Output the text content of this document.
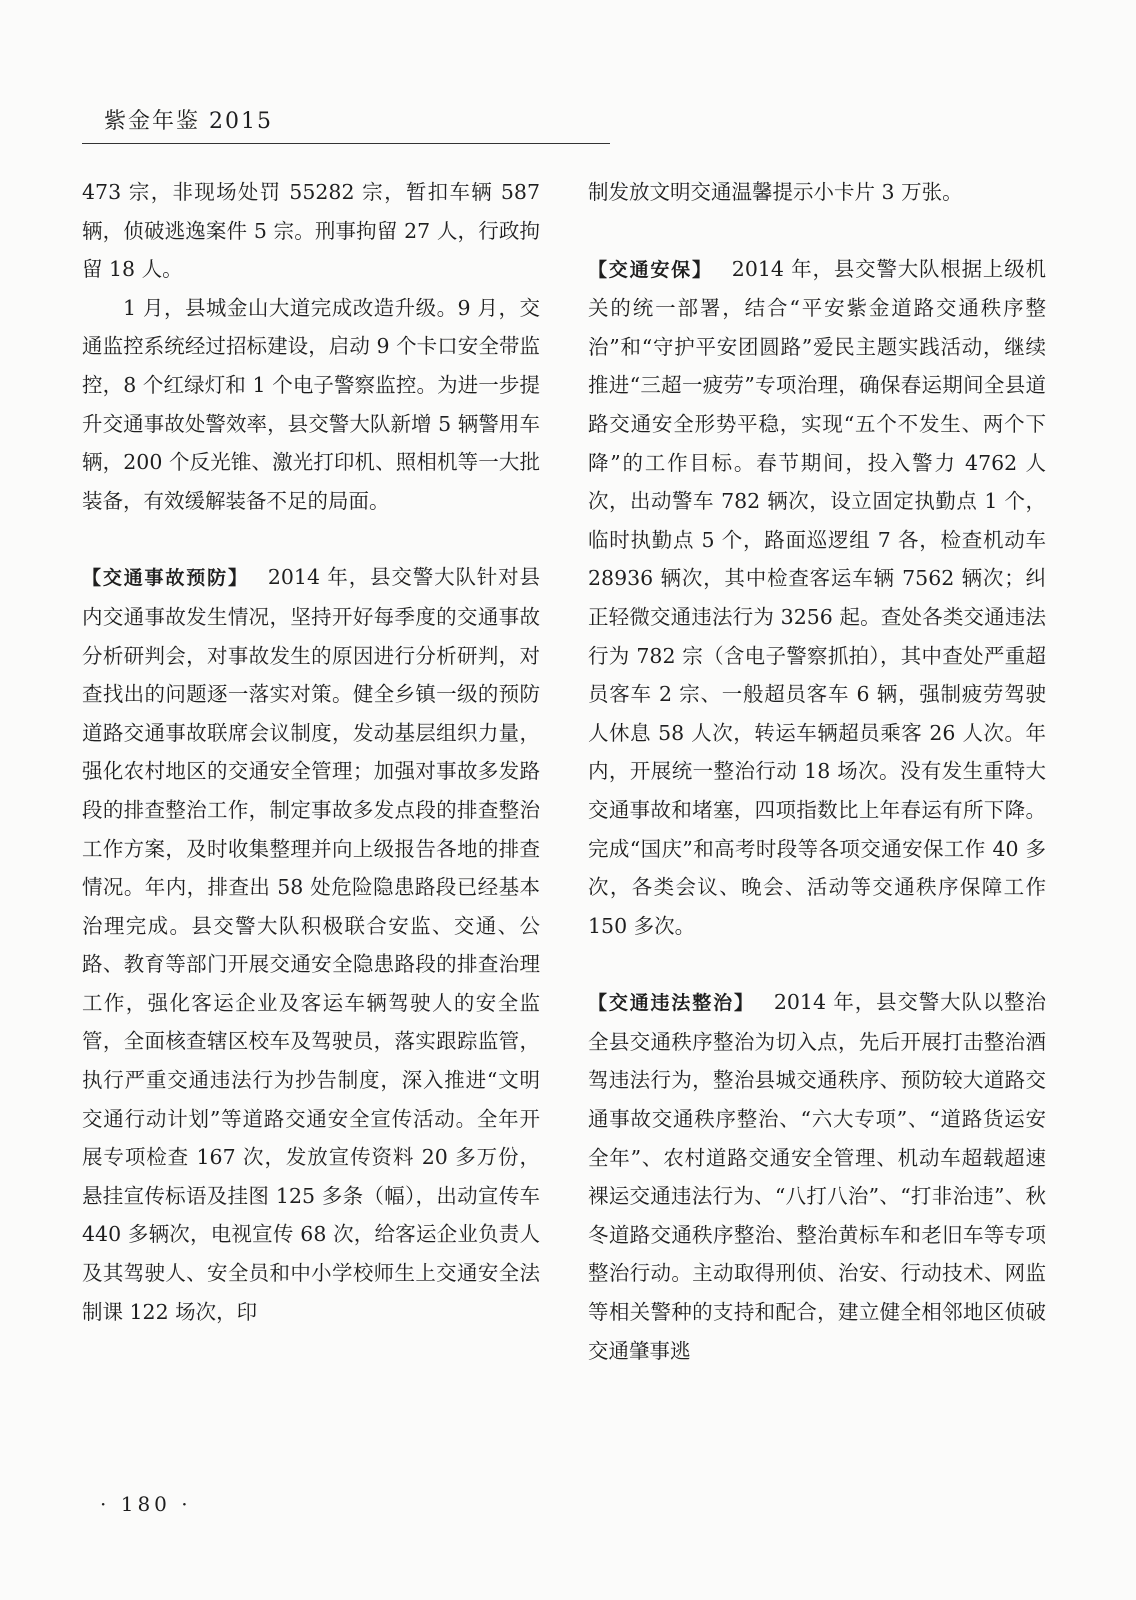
紫金年鉴 2015

473 宗，非现场处罚 55282 宗，暂扣车辆 587 辆，侦破逃逸案件 5 宗。刑事拘留 27 人，行政拘留 18 人。

1 月，县城金山大道完成改造升级。9 月，交通监控系统经过招标建设，启动 9 个卡口安全带监控，8 个红绿灯和 1 个电子警察监控。为进一步提升交通事故处警效率，县交警大队新增 5 辆警用车辆，200 个反光锥、激光打印机、照相机等一大批装备，有效缓解装备不足的局面。

【交通事故预防】 2014 年，县交警大队针对县内交通事故发生情况，坚持开好每季度的交通事故分析研判会，对事故发生的原因进行分析研判，对查找出的问题逐一落实对策。健全乡镇一级的预防道路交通事故联席会议制度，发动基层组织力量，强化农村地区的交通安全管理；加强对事故多发路段的排查整治工作，制定事故多发点段的排查整治工作方案，及时收集整理并向上级报告各地的排查情况。年内，排查出 58 处危险隐患路段已经基本治理完成。县交警大队积极联合安监、交通、公路、教育等部门开展交通安全隐患路段的排查治理工作，强化客运企业及客运车辆驾驶人的安全监管，全面核查辖区校车及驾驶员，落实跟踪监管，执行严重交通违法行为抄告制度，深入推进“文明交通行动计划”等道路交通安全宣传活动。全年开展专项检查 167 次，发放宣传资料 20 多万份，悬挂宣传标语及挂图 125 多条（幅），出动宣传车 440 多辆次，电视宣传 68 次，给客运企业负责人及其驾驶人、安全员和中小学校师生上交通安全法制课 122 场次，印

制发放文明交通温馨提示小卡片 3 万张。

【交通安保】 2014 年，县交警大队根据上级机关的统一部署，结合“平安紫金道路交通秩序整治”和“守护平安团圆路”爱民主题实践活动，继续推进“三超一疲劳”专项治理，确保春运期间全县道路交通安全形势平稳，实现“五个不发生、两个下降”的工作目标。春节期间，投入警力 4762 人次，出动警车 782 辆次，设立固定执勤点 1 个，临时执勤点 5 个，路面巡逻组 7 各，检查机动车 28936 辆次，其中检查客运车辆 7562 辆次；纠正轻微交通违法行为 3256 起。查处各类交通违法行为 782 宗（含电子警察抓拍），其中查处严重超员客车 2 宗、一般超员客车 6 辆，强制疲劳驾驶人休息 58 人次，转运车辆超员乘客 26 人次。年内，开展统一整治行动 18 场次。没有发生重特大交通事故和堵塞，四项指数比上年春运有所下降。完成“国庆”和高考时段等各项交通安保工作 40 多次，各类会议、晚会、活动等交通秩序保障工作 150 多次。

【交通违法整治】 2014 年，县交警大队以整治全县交通秩序整治为切入点，先后开展打击整治酒驾违法行为，整治县城交通秩序、预防较大道路交通事故交通秩序整治、“六大专项”、“道路货运安全年”、农村道路交通安全管理、机动车超载超速裸运交通违法行为、“八打八治”、“打非治违”、秋冬道路交通秩序整治、整治黄标车和老旧车等专项整治行动。主动取得刑侦、治安、行动技术、网监等相关警种的支持和配合，建立健全相邻地区侦破交通肇事逃

· 180 ·
